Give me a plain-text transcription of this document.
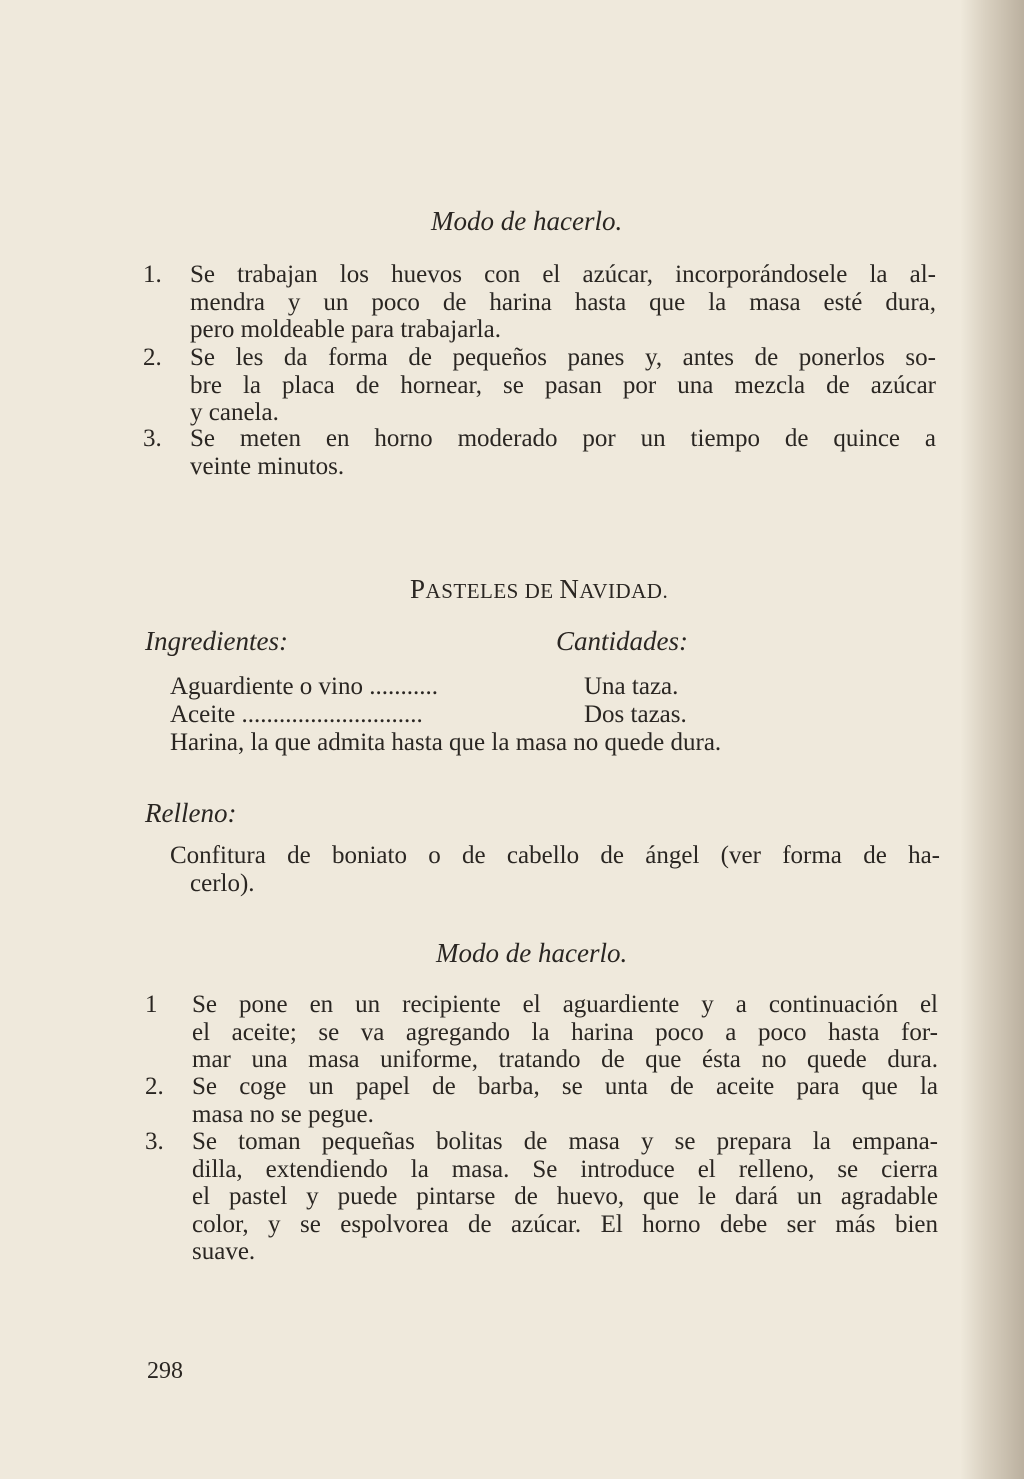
Modo de hacerlo.
1. Se trabajan los huevos con el azúcar, incorporándosele la al-
mendra y un poco de harina hasta que la masa esté dura,
pero moldeable para trabajarla.
2. Se les da forma de pequeños panes y, antes de ponerlos so-
bre la placa de hornear, se pasan por una mezcla de azúcar
y canela.
3. Se meten en horno moderado por un tiempo de quince a
veinte minutos.
PASTELES DE NAVIDAD.
Ingredientes:	Cantidades:
Aguardiente o vino ...........	Una taza.
Aceite .............................	Dos tazas.
Harina, la que admita hasta que la masa no quede dura.
Relleno:
Confitura de boniato o de cabello de ángel (ver forma de ha-
cerlo).
Modo de hacerlo.
1 Se pone en un recipiente el aguardiente y a continuación el
el aceite; se va agregando la harina poco a poco hasta for-
mar una masa uniforme, tratando de que ésta no quede dura.
2. Se coge un papel de barba, se unta de aceite para que la
masa no se pegue.
3. Se toman pequeñas bolitas de masa y se prepara la empana-
dilla, extendiendo la masa. Se introduce el relleno, se cierra
el pastel y puede pintarse de huevo, que le dará un agradable
color, y se espolvorea de azúcar. El horno debe ser más bien
suave.
298
